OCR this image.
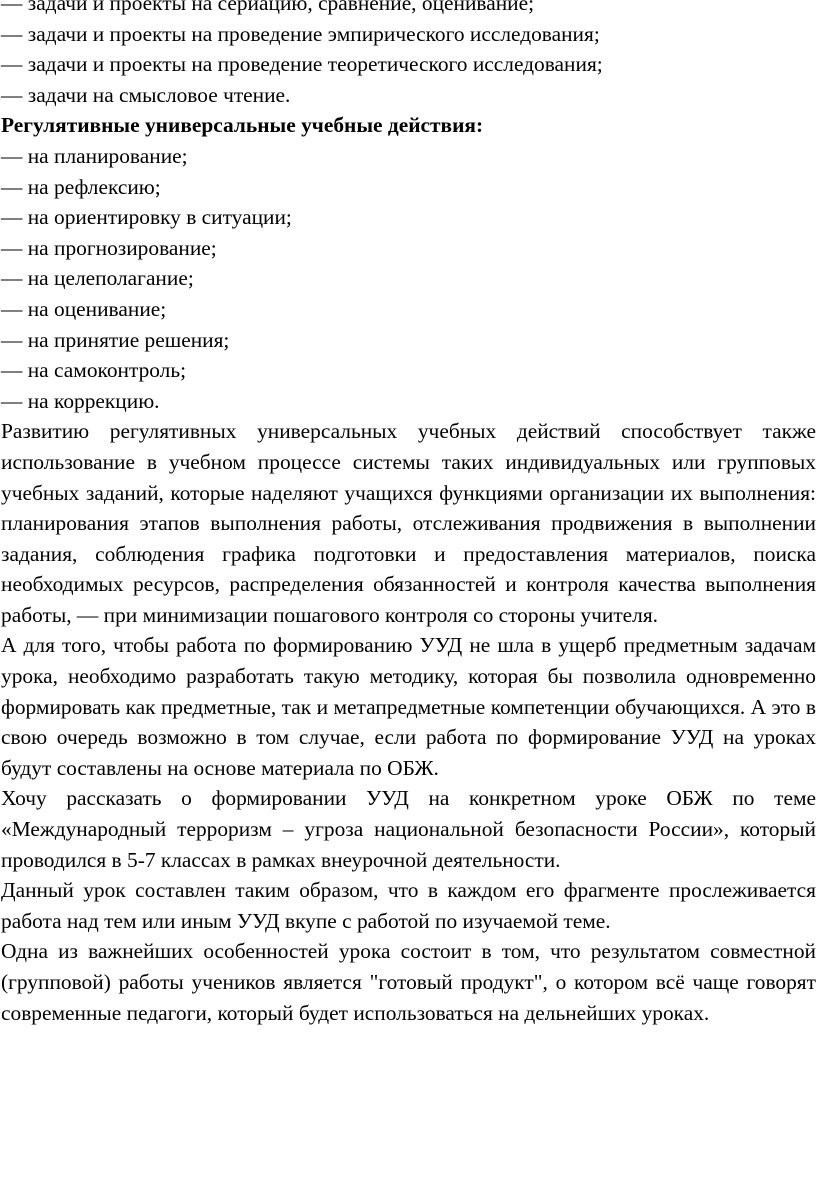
— задачи и проекты на сериацию, сравнение, оценивание;

— задачи и проекты на проведение эмпирического исследования;

— задачи и проекты на проведение теоретического исследования;

— задачи на смысловое чтение.

Регулятивные универсальные учебные действия:

— на планирование;

— на рефлексию;

— на ориентировку в ситуации;

— на прогнозирование;

— на целеполагание;

— на оценивание;

— на принятие решения;

— на самоконтроль;

— на коррекцию.

Развитию регулятивных универсальных учебных действий способствует также использование в учебном процессе системы таких индивидуальных или групповых учебных заданий, которые наделяют учащихся функциями организации их выполнения: планирования этапов выполнения работы, отслеживания продвижения в выполнении задания, соблюдения графика подготовки и предоставления материалов, поиска необходимых ресурсов, распределения обязанностей и контроля качества выполнения работы, — при минимизации пошагового контроля со стороны учителя.

А для того, чтобы работа по формированию УУД не шла в ущерб предметным задачам урока, необходимо разработать такую методику, которая бы позволила одновременно формировать как предметные, так и метапредметные компетенции обучающихся. А это в свою очередь возможно в том случае, если работа по формирование УУД на уроках будут составлены на основе материала по ОБЖ.

Хочу рассказать о формировании УУД на конкретном уроке ОБЖ по теме «Международный терроризм – угроза национальной безопасности России», который проводился в 5-7 классах в рамках внеурочной деятельности.

Данный урок составлен таким образом, что в каждом его фрагменте прослеживается работа над тем или иным УУД вкупе с работой по изучаемой теме.

Одна из важнейших особенностей урока состоит в том, что результатом совместной (групповой) работы учеников является "готовый продукт", о котором всё чаще говорят современные педагоги, который будет использоваться на дельнейших уроках.
